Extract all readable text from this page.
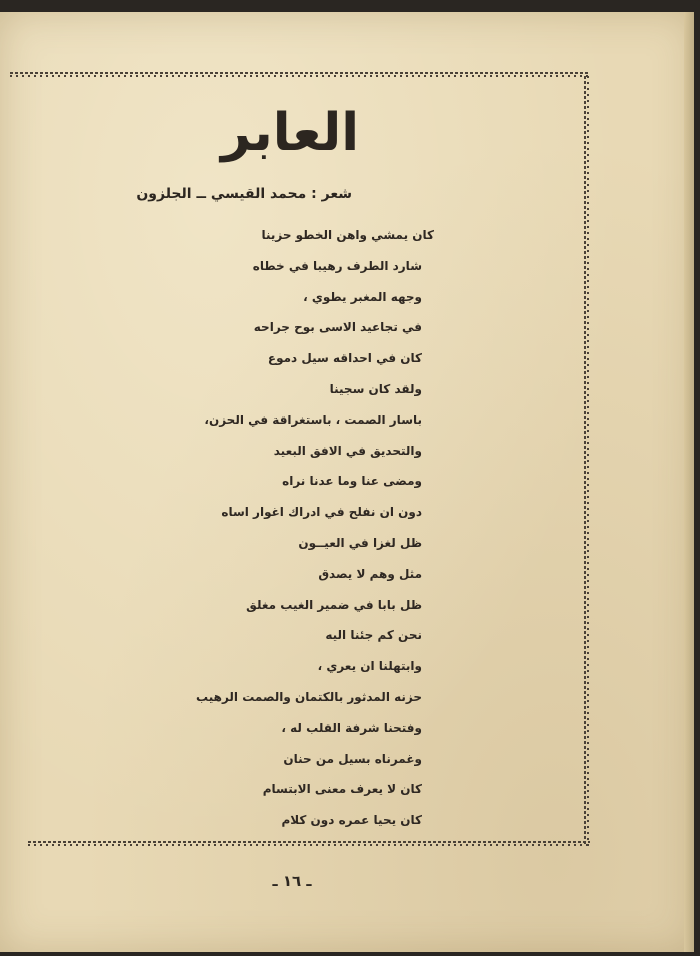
العابر
شعر : محمد القيسي ــ الجلزون
كان يمشي واهن الخطو حزينا
شارد الطرف رهيبا في خطاه
وجهه المغبر يطوي ،
في تجاعيد الاسى بوح جراحه
كان في احداقه سيل دموع
ولقد كان سجينا
باسار الصمت ، باستغراقة في الحزن،
والتحديق في الافق البعيد
ومضى عنا وما عدنا نراه
دون ان نفلح في ادراك اغوار اساه
ظل لغزا في العيــون
مثل وهم لا يصدق
ظل بابا في ضمير الغيب مغلق
نحن كم جئنا اليه
وابتهلنا ان يعري ،
حزنه المدثور بالكتمان والصمت الرهيب
وفتحنا شرفة القلب له ،
وغمرناه بسيل من حنان
كان لا يعرف معنى الابتسام
كان يحيا عمره دون كلام
ـ ١٦ ـ
